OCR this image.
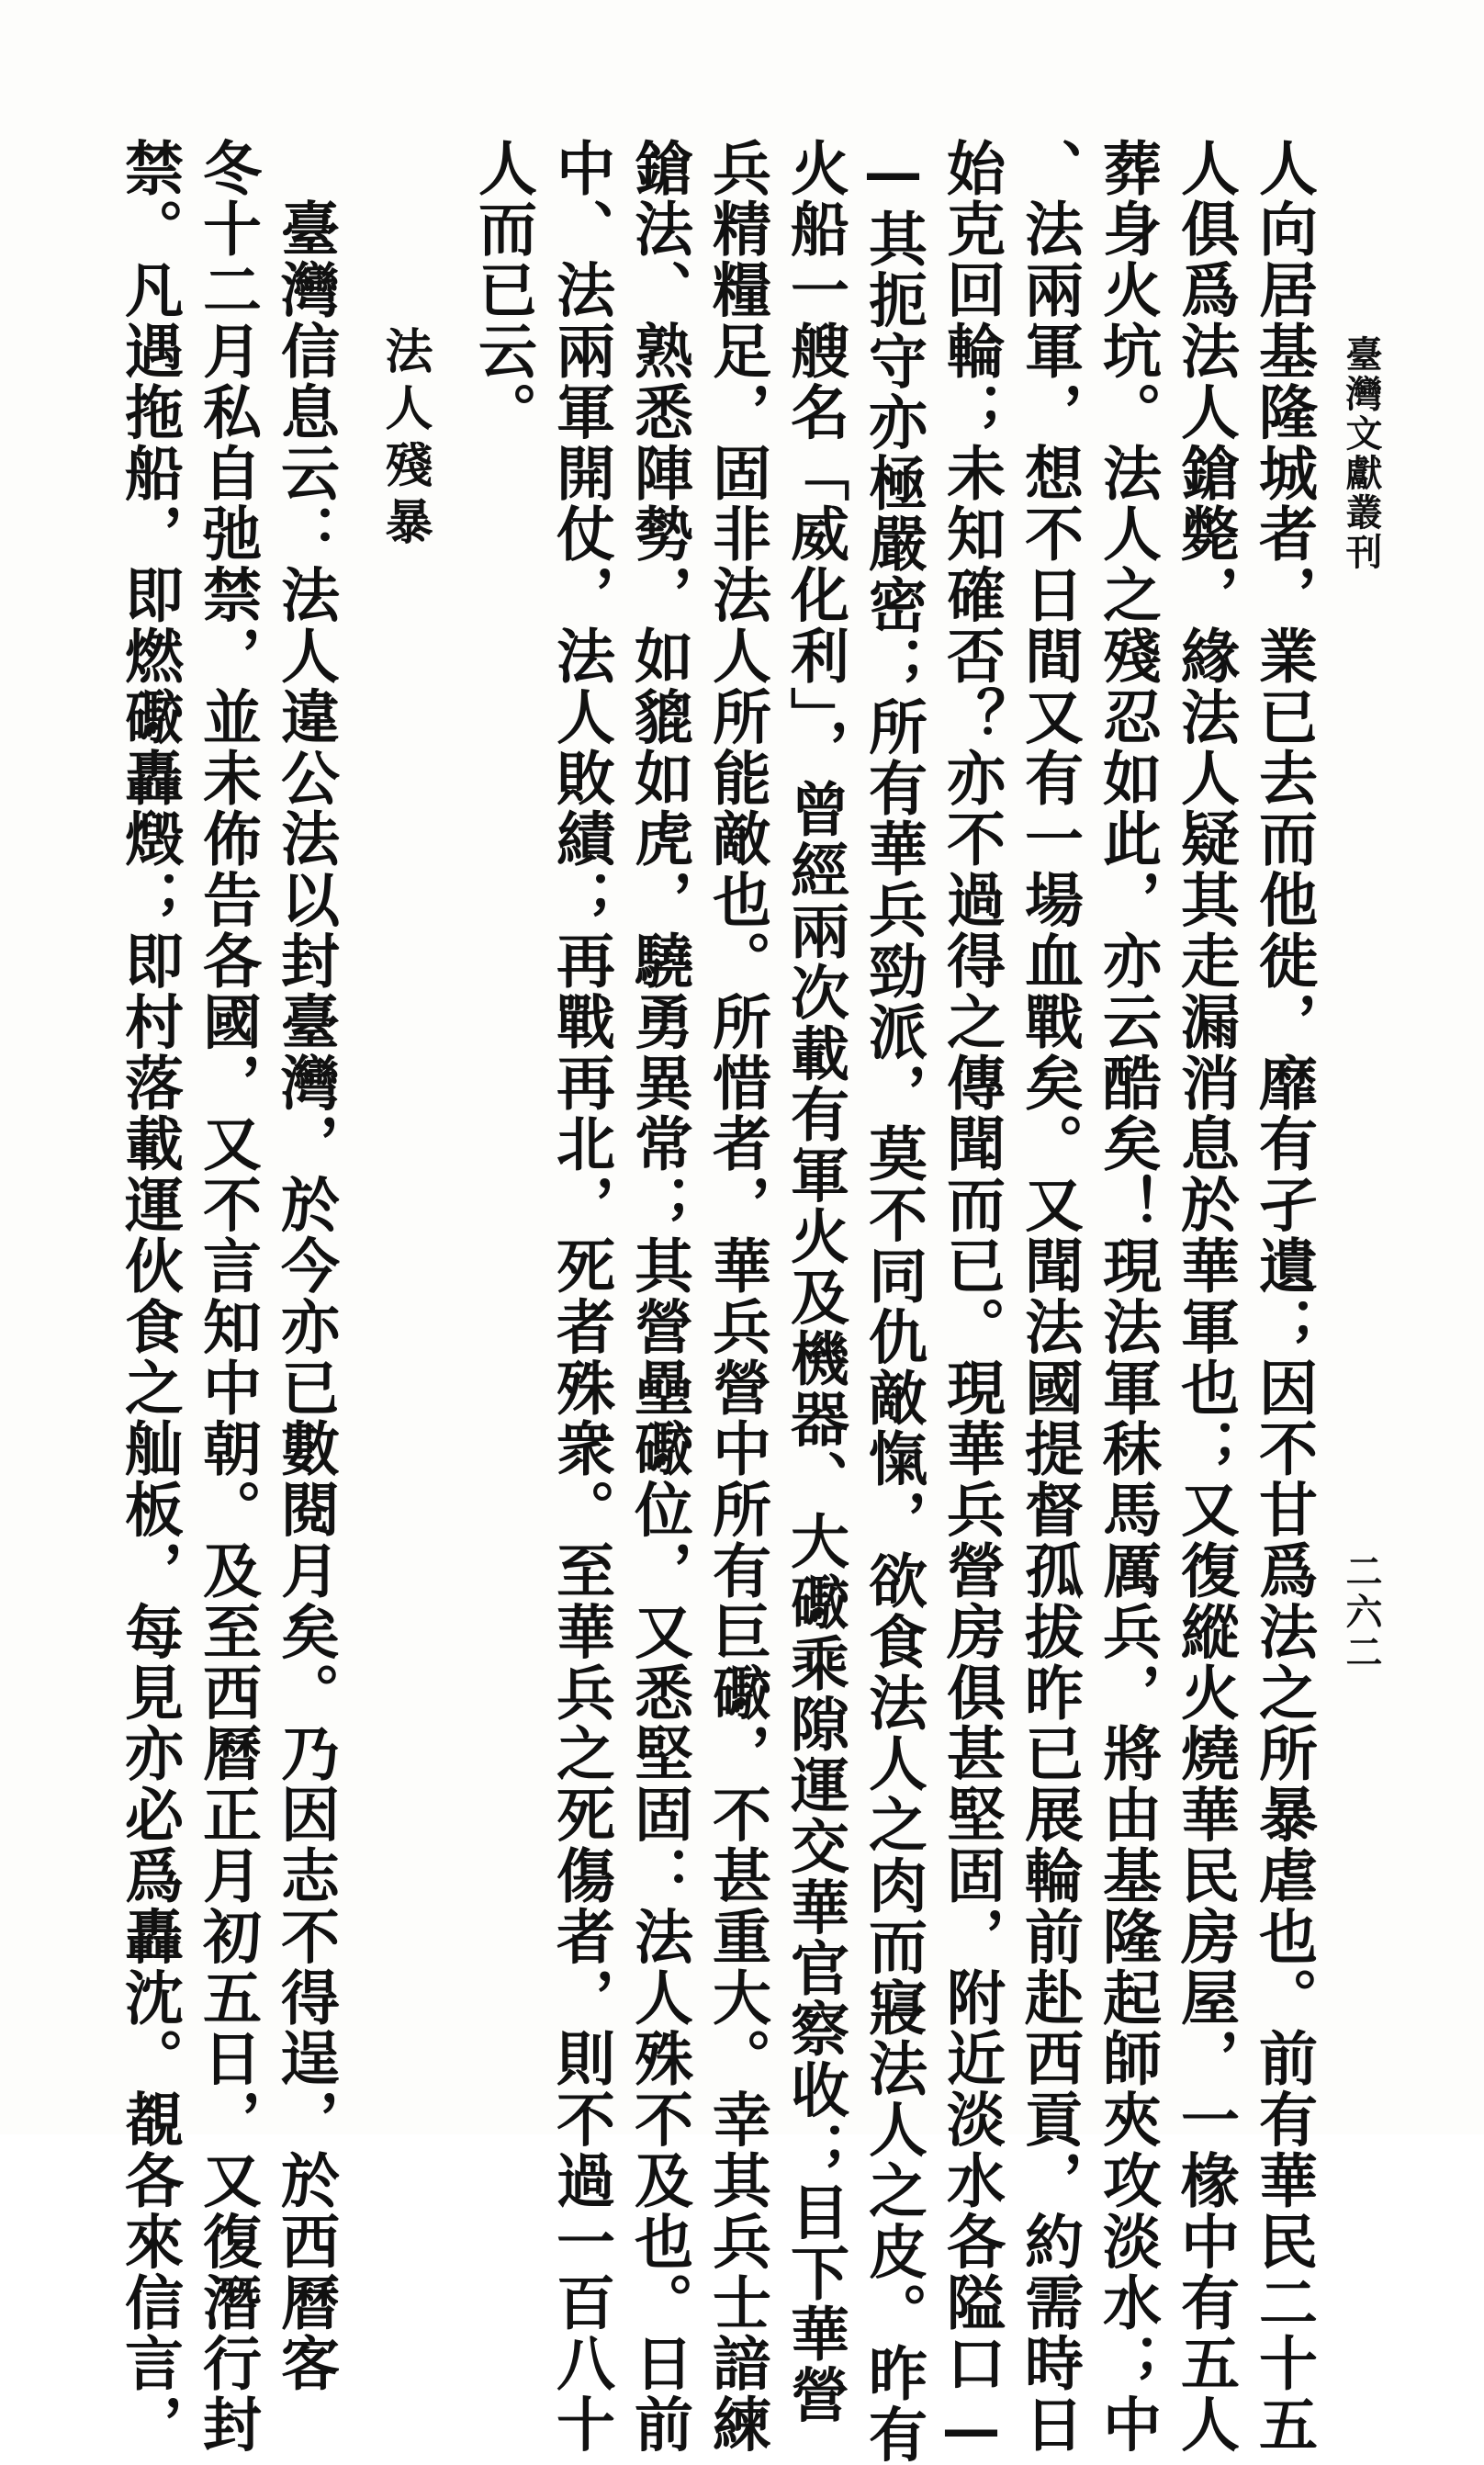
臺灣文獻叢刊
二六二
人向居基隆城者，業已去而他徙，靡有孑遺；因不甘爲法之所暴虐也。前有華民二十五
人俱爲法人鎗斃，緣法人疑其走漏消息於華軍也；又復縱火燒華民房屋，一椽中有五人
葬身火坑。法人之殘忍如此，亦云酷矣！現法軍秣馬厲兵，將由基隆起師夾攻淡水；中
、法兩軍，想不日間又有一場血戰矣。又聞法國提督孤拔昨已展輪前赴西貢，約需時日
始克回輪；未知確否？亦不過得之傳聞而已。現華兵營房俱甚堅固，附近淡水各隘口—
—其扼守亦極嚴密；所有華兵勁派，莫不同仇敵愾，欲食法人之肉而寢法人之皮。昨有
火船一艘名「威化利」，曾經兩次載有軍火及機器、大礮乘隙運交華官察收；目下華營
兵精糧足，固非法人所能敵也。所惜者，華兵營中所有巨礮，不甚重大。幸其兵士諳練
鎗法、熟悉陣勢，如貔如虎，驍勇異常；其營壘礮位，又悉堅固：法人殊不及也。日前
中、法兩軍開仗，法人敗績；再戰再北，死者殊衆。至華兵之死傷者，則不過一百八十
人而已云。
法人殘暴
　臺灣信息云：法人違公法以封臺灣，於今亦已數閱月矣。乃因志不得逞，於西曆客
冬十二月私自弛禁，並未佈告各國，又不言知中朝。及至西曆正月初五日，又復潛行封
禁。凡遇拖船，即燃礮轟燬；即村落載運伙食之舢板，每見亦必爲轟沈。覩各來信言，
